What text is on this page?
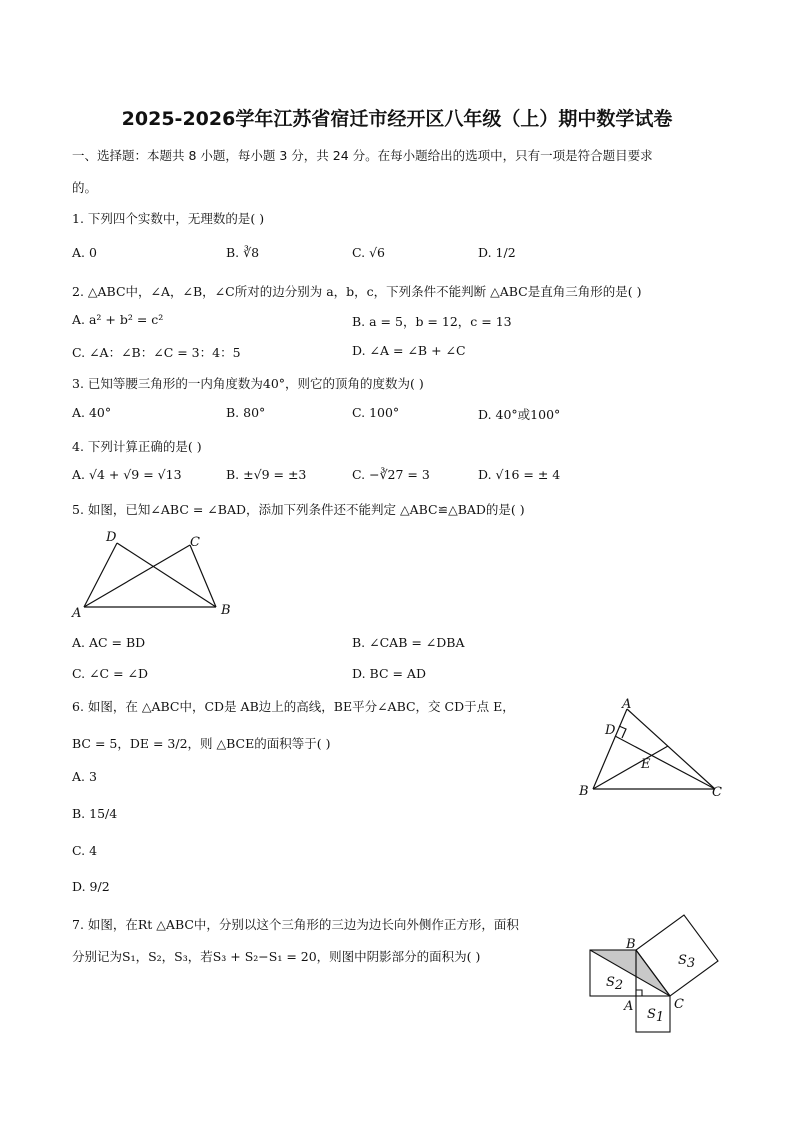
2025-2026学年江苏省宿迁市经开区八年级（上）期中数学试卷
一、选择题：本题共 8 小题，每小题 3 分，共 24 分。在每小题给出的选项中，只有一项是符合题目要求
的。
1. 下列四个实数中，无理数的是( )
A. 0	B. ∛8	C. √6	D. 1/2
2. △ABC中，∠A，∠B，∠C所对的边分别为 a，b，c，下列条件不能判断 △ABC是直角三角形的是( )
A. a² + b² = c²	B. a = 5，b = 12，c = 13
C. ∠A：∠B：∠C = 3：4：5	D. ∠A = ∠B + ∠C
3. 已知等腰三角形的一内角度数为40°，则它的顶角的度数为( )
A. 40°	B. 80°	C. 100°	D. 40°或100°
4. 下列计算正确的是( )
A. √4 + √9 = √13	B. ±√9 = ±3	C. −∛27 = 3	D. √16 = ± 4
5. 如图，已知∠ABC = ∠BAD，添加下列条件还不能判定 △ABC≌△BAD的是( )
D	C
A	B
A. AC = BD	B. ∠CAB = ∠DBA
C. ∠C = ∠D	D. BC = AD
6. 如图，在 △ABC中，CD是 AB边上的高线，BE平分∠ABC，交 CD于点 E，
BC = 5，DE = 3/2，则 △BCE的面积等于( )
A. 3
B. 15/4
C. 4
D. 9/2
A
D
E
B	C
7. 如图，在Rt △ABC中，分别以这个三角形的三边为边长向外侧作正方形，面积
分别记为S₁，S₂，S₃，若S₃ + S₂−S₁ = 20，则图中阴影部分的面积为( )
B
S3
S2
A	C
S1
